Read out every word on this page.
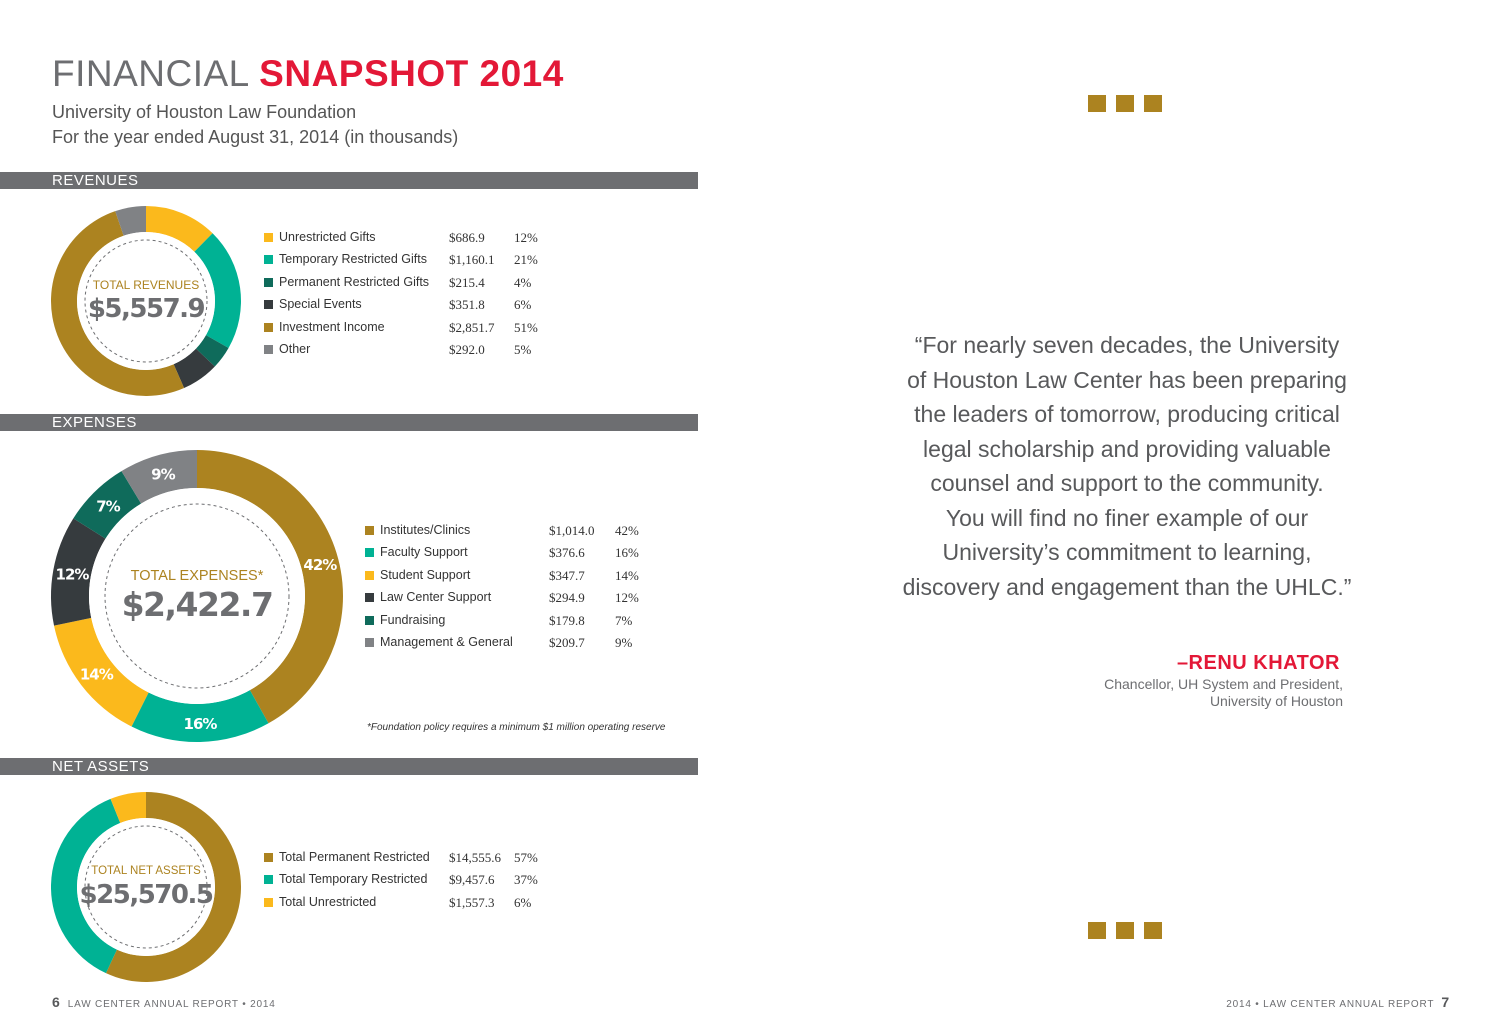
FINANCIAL SNAPSHOT 2014
University of Houston Law Foundation
For the year ended August 31, 2014 (in thousands)
REVENUES
TOTAL REVENUES
$5,557.9
Unrestricted Gifts	$686.9 12%
Temporary Restricted Gifts $1,160.1 21%
Permanent Restricted Gifts $215.4 4%
Special Events	$351.8 6%
Investment Income	$2,851.7 51%
Other	$292.0 5%
EXPENSES
42%
16%
14%
12%
7%
9%
TOTAL EXPENSES*
$2,422.7
Institutes/Clinics	$1,014.0 42%
Faculty Support	$376.6 16%
Student Support	$347.7 14%
Law Center Support	$294.9 12%
Fundraising	$179.8 7%
Management & General	$209.7 9%
*Foundation policy requires a minimum $1 million operating reserve
NET ASSETS
TOTAL NET ASSETS
$25,570.5
Total Permanent Restricted $14,555.6 57%
Total Temporary Restricted $9,457.6 37%
Total Unrestricted	$1,557.3 6%
“For nearly seven decades, the University
of Houston Law Center has been preparing
the leaders of tomorrow, producing critical
legal scholarship and providing valuable
counsel and support to the community.
You will find no finer example of our
University’s commitment to learning,
discovery and engagement than the UHLC.”
–RENU KHATOR
Chancellor, UH System and President,
University of Houston
6 LAW CENTER ANNUAL REPORT • 2014	2014 • LAW CENTER ANNUAL REPORT 7
